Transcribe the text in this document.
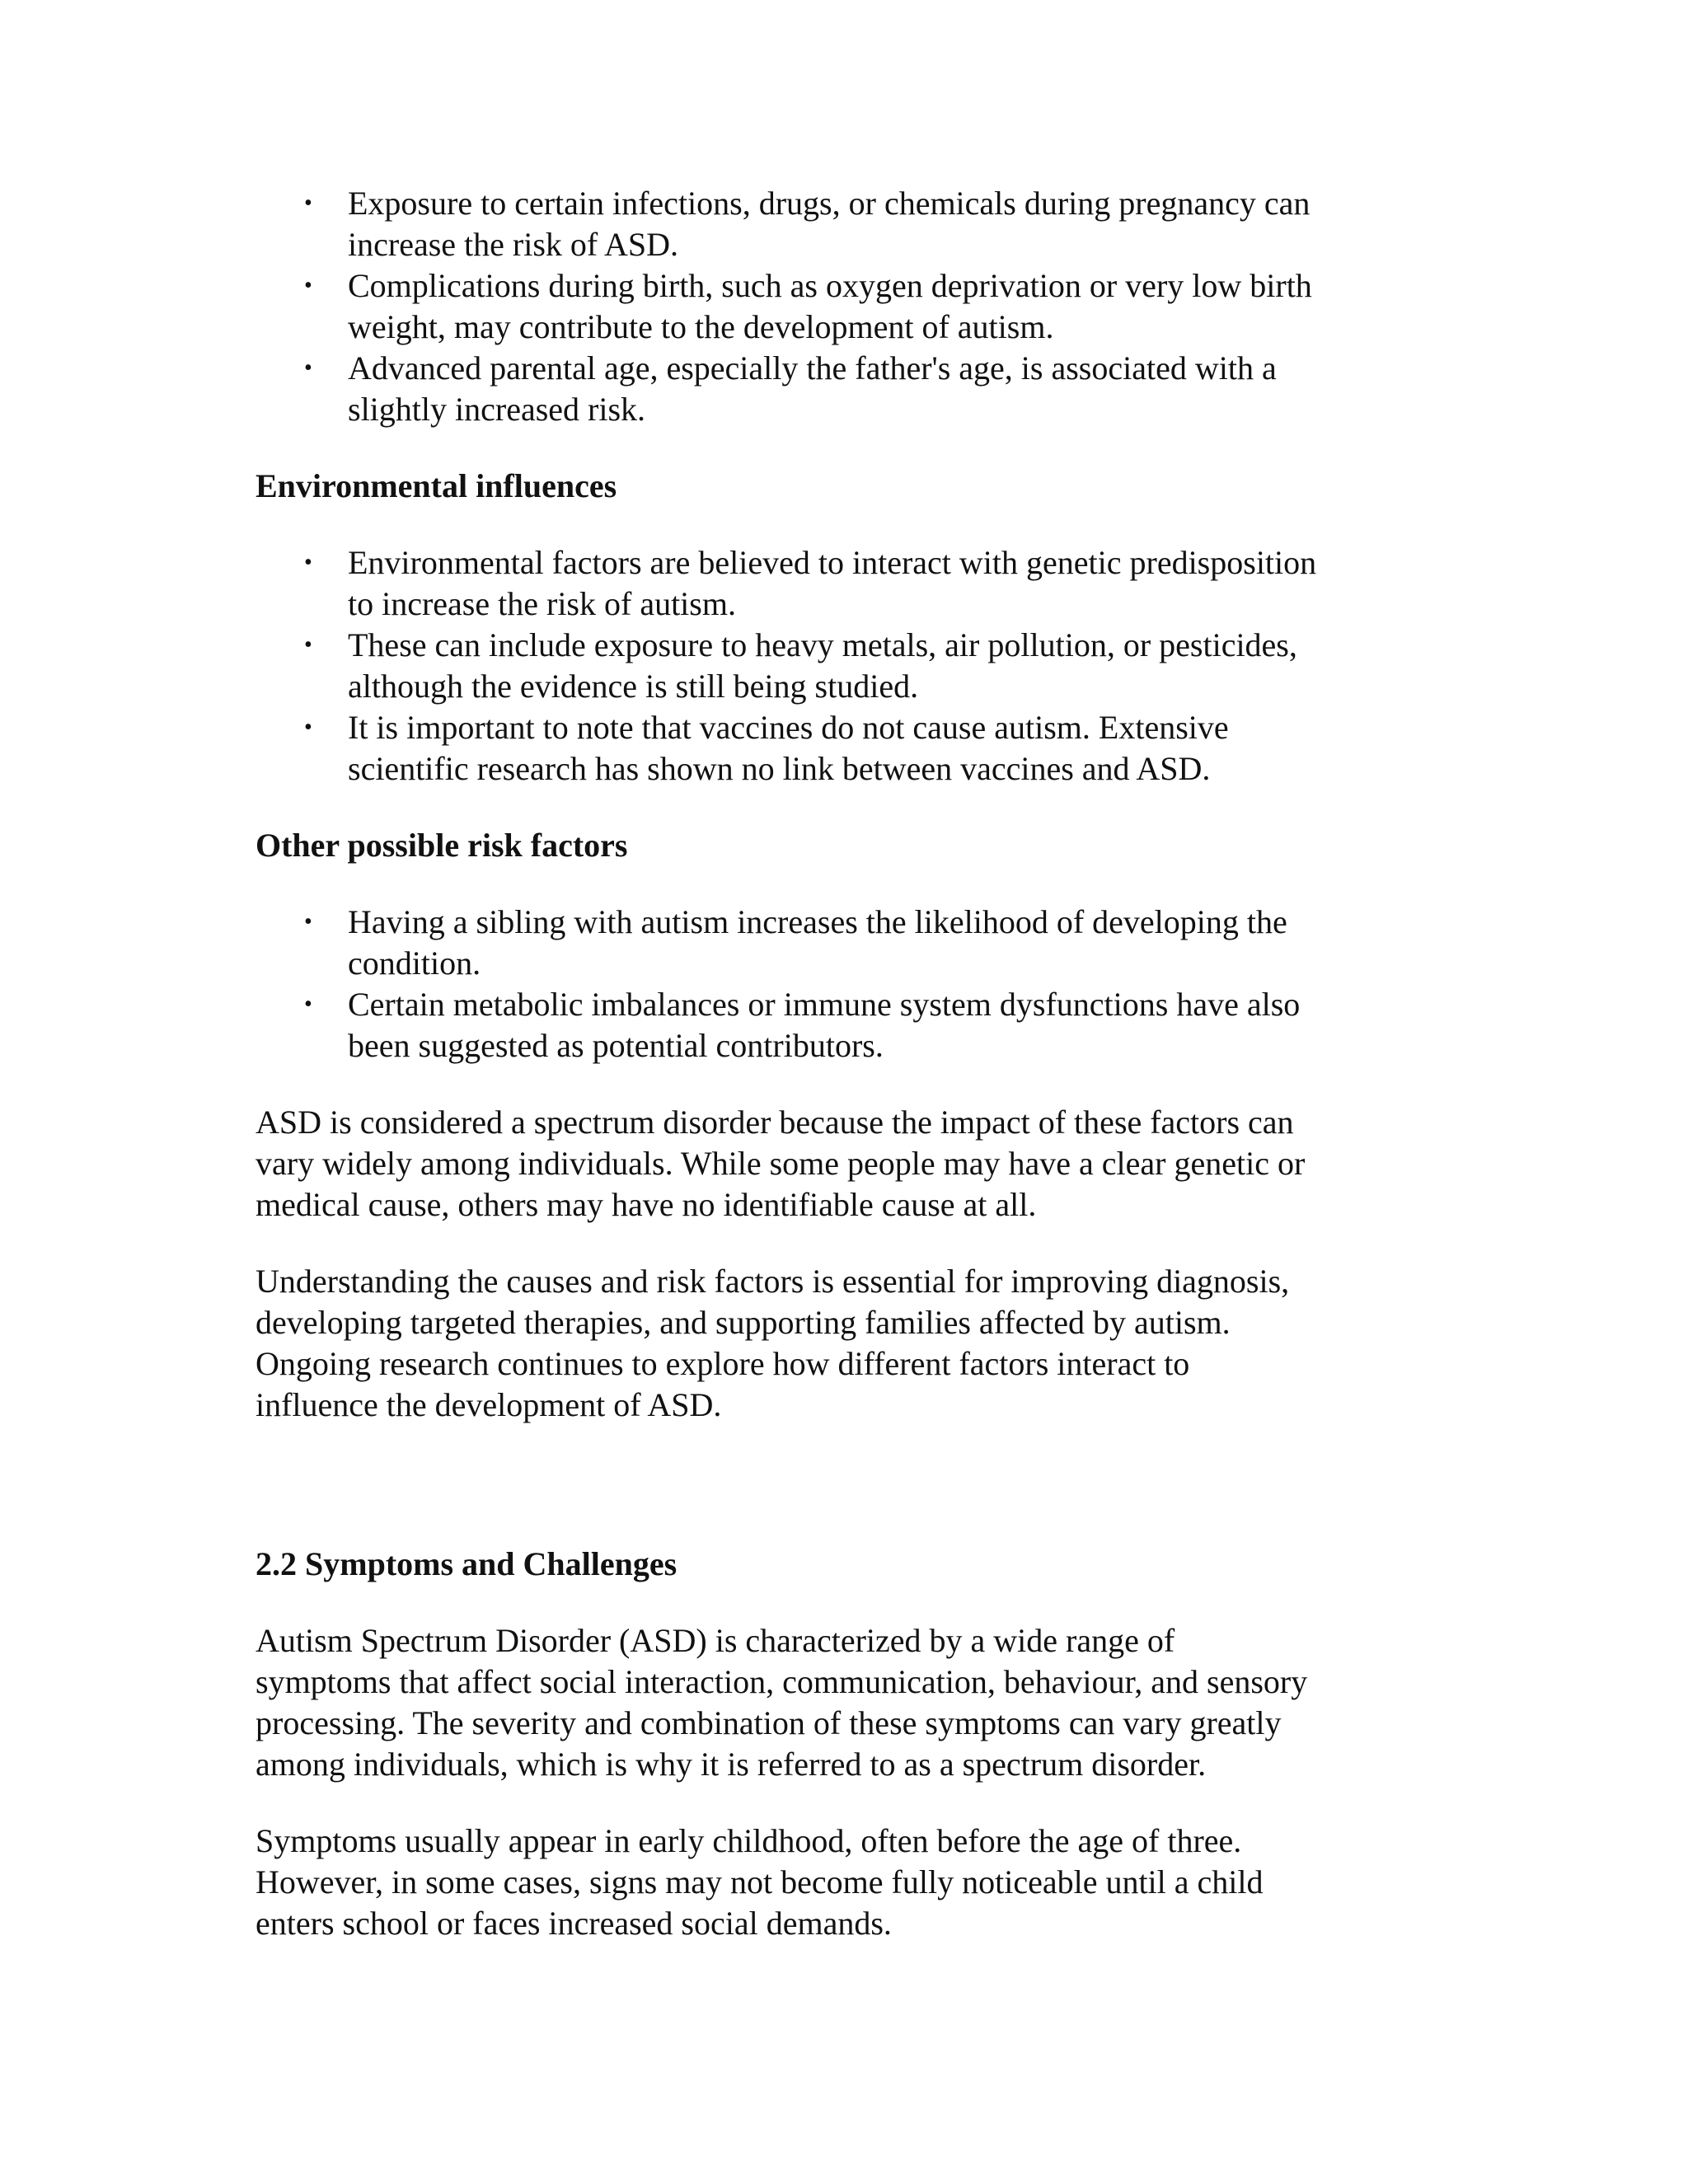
• Exposure to certain infections, drugs, or chemicals during pregnancy can
increase the risk of ASD.
• Complications during birth, such as oxygen deprivation or very low birth
weight, may contribute to the development of autism.
• Advanced parental age, especially the father's age, is associated with a
slightly increased risk.

Environmental influences

• Environmental factors are believed to interact with genetic predisposition
to increase the risk of autism.
• These can include exposure to heavy metals, air pollution, or pesticides,
although the evidence is still being studied.
• It is important to note that vaccines do not cause autism. Extensive
scientific research has shown no link between vaccines and ASD.

Other possible risk factors

• Having a sibling with autism increases the likelihood of developing the
condition.
• Certain metabolic imbalances or immune system dysfunctions have also
been suggested as potential contributors.

ASD is considered a spectrum disorder because the impact of these factors can
vary widely among individuals. While some people may have a clear genetic or
medical cause, others may have no identifiable cause at all.

Understanding the causes and risk factors is essential for improving diagnosis,
developing targeted therapies, and supporting families affected by autism.
Ongoing research continues to explore how different factors interact to
influence the development of ASD.

2.2 Symptoms and Challenges

Autism Spectrum Disorder (ASD) is characterized by a wide range of
symptoms that affect social interaction, communication, behaviour, and sensory
processing. The severity and combination of these symptoms can vary greatly
among individuals, which is why it is referred to as a spectrum disorder.

Symptoms usually appear in early childhood, often before the age of three.
However, in some cases, signs may not become fully noticeable until a child
enters school or faces increased social demands.
